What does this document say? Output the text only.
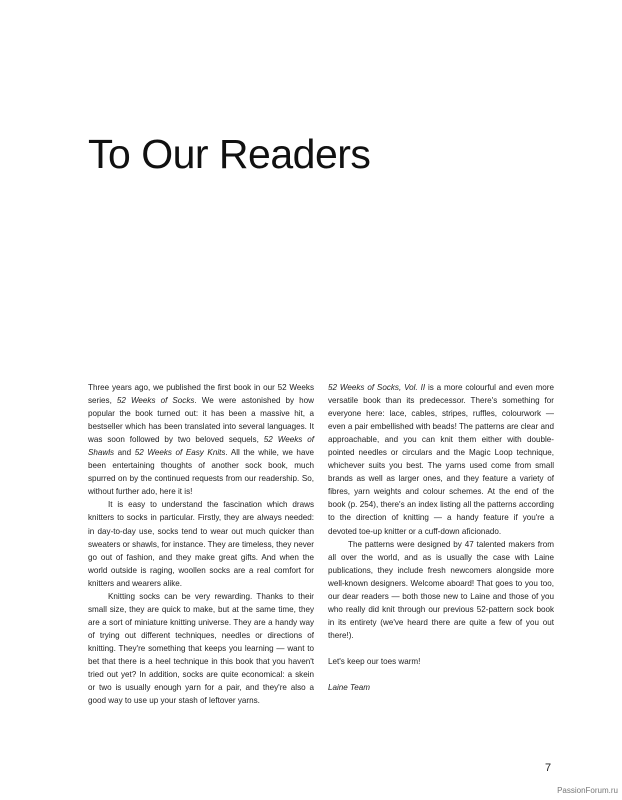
To Our Readers

Three years ago, we published the first book in our 52 Weeks series, 52 Weeks of Socks. We were astonished by how popular the book turned out: it has been a massive hit, a bestseller which has been translated into several languages. It was soon followed by two beloved sequels, 52 Weeks of Shawls and 52 Weeks of Easy Knits. All the while, we have been entertaining thoughts of another sock book, much spurred on by the continued requests from our readership. So, without further ado, here it is!

It is easy to understand the fascination which draws knitters to socks in particular. Firstly, they are always needed: in day-to-day use, socks tend to wear out much quicker than sweaters or shawls, for instance. They are timeless, they never go out of fashion, and they make great gifts. And when the world outside is raging, woollen socks are a real comfort for knitters and wearers alike.

Knitting socks can be very rewarding. Thanks to their small size, they are quick to make, but at the same time, they are a sort of miniature knitting universe. They are a handy way of trying out different techniques, needles or directions of knitting. They're something that keeps you learning — want to bet that there is a heel technique in this book that you haven't tried out yet? In addition, socks are quite economical: a skein or two is usually enough yarn for a pair, and they're also a good way to use up your stash of leftover yarns.

52 Weeks of Socks, Vol. II is a more colourful and even more versatile book than its predecessor. There's something for everyone here: lace, cables, stripes, ruffles, colourwork — even a pair embellished with beads! The patterns are clear and approachable, and you can knit them either with double-pointed needles or circulars and the Magic Loop technique, whichever suits you best. The yarns used come from small brands as well as larger ones, and they feature a variety of fibres, yarn weights and colour schemes. At the end of the book (p. 254), there's an index listing all the patterns according to the direction of knitting — a handy feature if you're a devoted toe-up knitter or a cuff-down aficionado.

The patterns were designed by 47 talented makers from all over the world, and as is usually the case with Laine publications, they include fresh newcomers alongside more well-known designers. Welcome aboard! That goes to you too, our dear readers — both those new to Laine and those of you who really did knit through our previous 52-pattern sock book in its entirety (we've heard there are quite a few of you out there!).

Let's keep our toes warm!

Laine Team

7
PassionForum.ru
